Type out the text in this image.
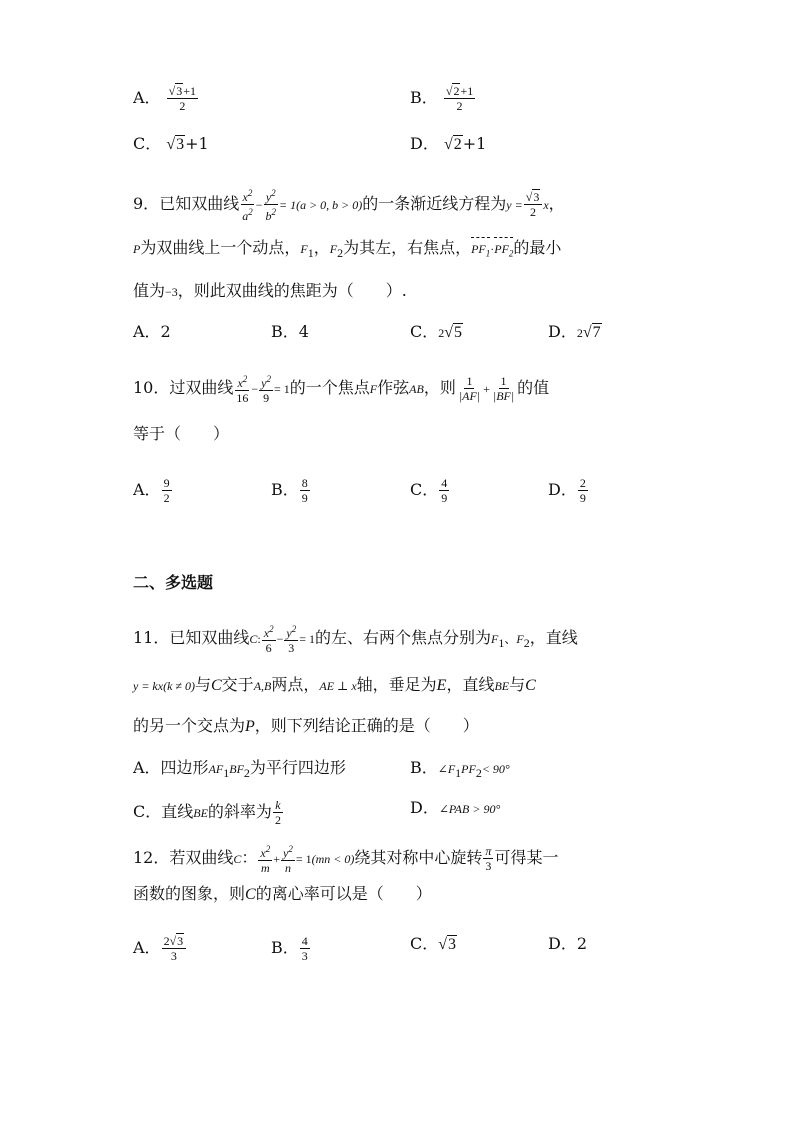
A． $\frac{√3+1}{2}$	B． $\frac{√2+1}{2}$
C． √3+1	D． √2+1
9．已知双曲线 $\frac{x^2}{a^2} - \frac{y^2}{b^2} = 1(a > 0$, b > 0)的一条渐近线方程为$y = \frac{√3}{2}$ x，
P为双曲线上一个动点，$F_1$，$F_2$为其左，右焦点，$PF_1\cdot PF_2$的最小
值为−3，则此双曲线的焦距为（　　）.
A．2	B．4	C．2√5	D．2√7
10．过双曲线 $\frac{x^2}{16} - \frac{y^2}{9} = 1$的一个焦点F作弦AB，则 $\frac{1}{|AF|} + \frac{1}{|BF|}$ 的值
等于（　　）
A． $\frac{9}{2}$	B． $\frac{8}{9}$	C． $\frac{4}{9}$	D． $\frac{2}{9}$
二、多选题
11．已知双曲线C: $\frac{x^2}{6} - \frac{y^2}{3} = 1$的左、右两个焦点分别为$F_1$、$F_2$，直线
y = kx(k ≠ 0)与C交于A,B两点，AE ⊥ x轴，垂足为E，直线BE与C
的另一个交点为P，则下列结论正确的是（　　）
A．四边形$AF_1BF_2$为平行四边形	B．$\angle F_1PF_2< 90^\circ$
C．直线BE的斜率为 $\frac{k}{2}$	D．∠PAB > 90°
12．若双曲线C： $\frac{x^2}{m} + \frac{y^2}{n} = 1(mn < 0)$绕其对称中心旋转 $\frac{\pi}{3}$ 可得某一
函数的图象，则C的离心率可以是（　　）
A． $\frac{2√3}{3}$	B． $\frac{4}{3}$	C．√3	D．2
